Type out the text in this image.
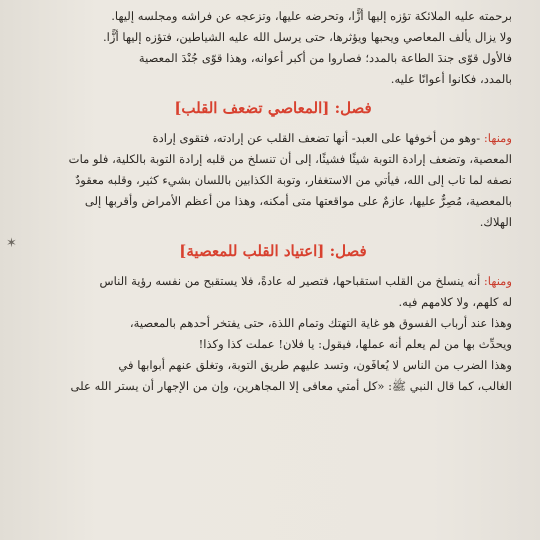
✶
برحمته عليه الملائكة تؤزه إليها أزًّا، وتحرضه عليها، وتزعجه عن فراشه ومجلسه إليها.
ولا يزال يألف المعاصي ويحبها ويؤثرها، حتى يرسل الله عليه الشياطين، فتؤزه إليها أزًّا.
فالأول قوّى جندَ الطاعة بالمدد؛ فصاروا من أكبر أعوانه، وهذا قوّى جُنْدَ المعصية
بالمدد، فكانوا أعوانًا عليه.
فصل: [المعاصي تضعف القلب]
ومنها: -وهو من أخوفها على العبد- أنها تضعف القلب عن إرادته، فتقوى إرادة
المعصية، وتضعف إرادة التوبة شيئًا فشيئًا، إلى أن تنسلخ من قلبه إرادة التوبة بالكلية، فلو مات
نصفه لما تاب إلى الله، فيأتي من الاستغفار، وتوبة الكذابين باللسان بشيء كثير، وقلبه معقودٌ
بالمعصية، مُصِرٌّ عليها، عازمٌ على مواقعتها متى أمكنه، وهذا من أعظم الأمراض وأقربها إلى
الهلاك.
فصل: [اعتياد القلب للمعصية]
ومنها: أنه ينسلخ من القلب استقباحها، فتصير له عادةً، فلا يستقبح من نفسه رؤية الناس
له كلهم، ولا كلامهم فيه.
وهذا عند أرباب الفسوق هو غاية التهتك وتمام اللذة، حتى يفتخر أحدهم بالمعصية،
ويحدِّث بها من لم يعلم أنه عملها، فيقول: يا فلان! عملت كذا وكذا!
وهذا الضرب من الناس لا يُعافَون، وتسد عليهم طريق التوبة، وتغلق عنهم أبوابها في
الغالب، كما قال النبي ﷺ: «كل أمتي معافى إلا المجاهرين، وإن من الإجهار أن يستر الله على
